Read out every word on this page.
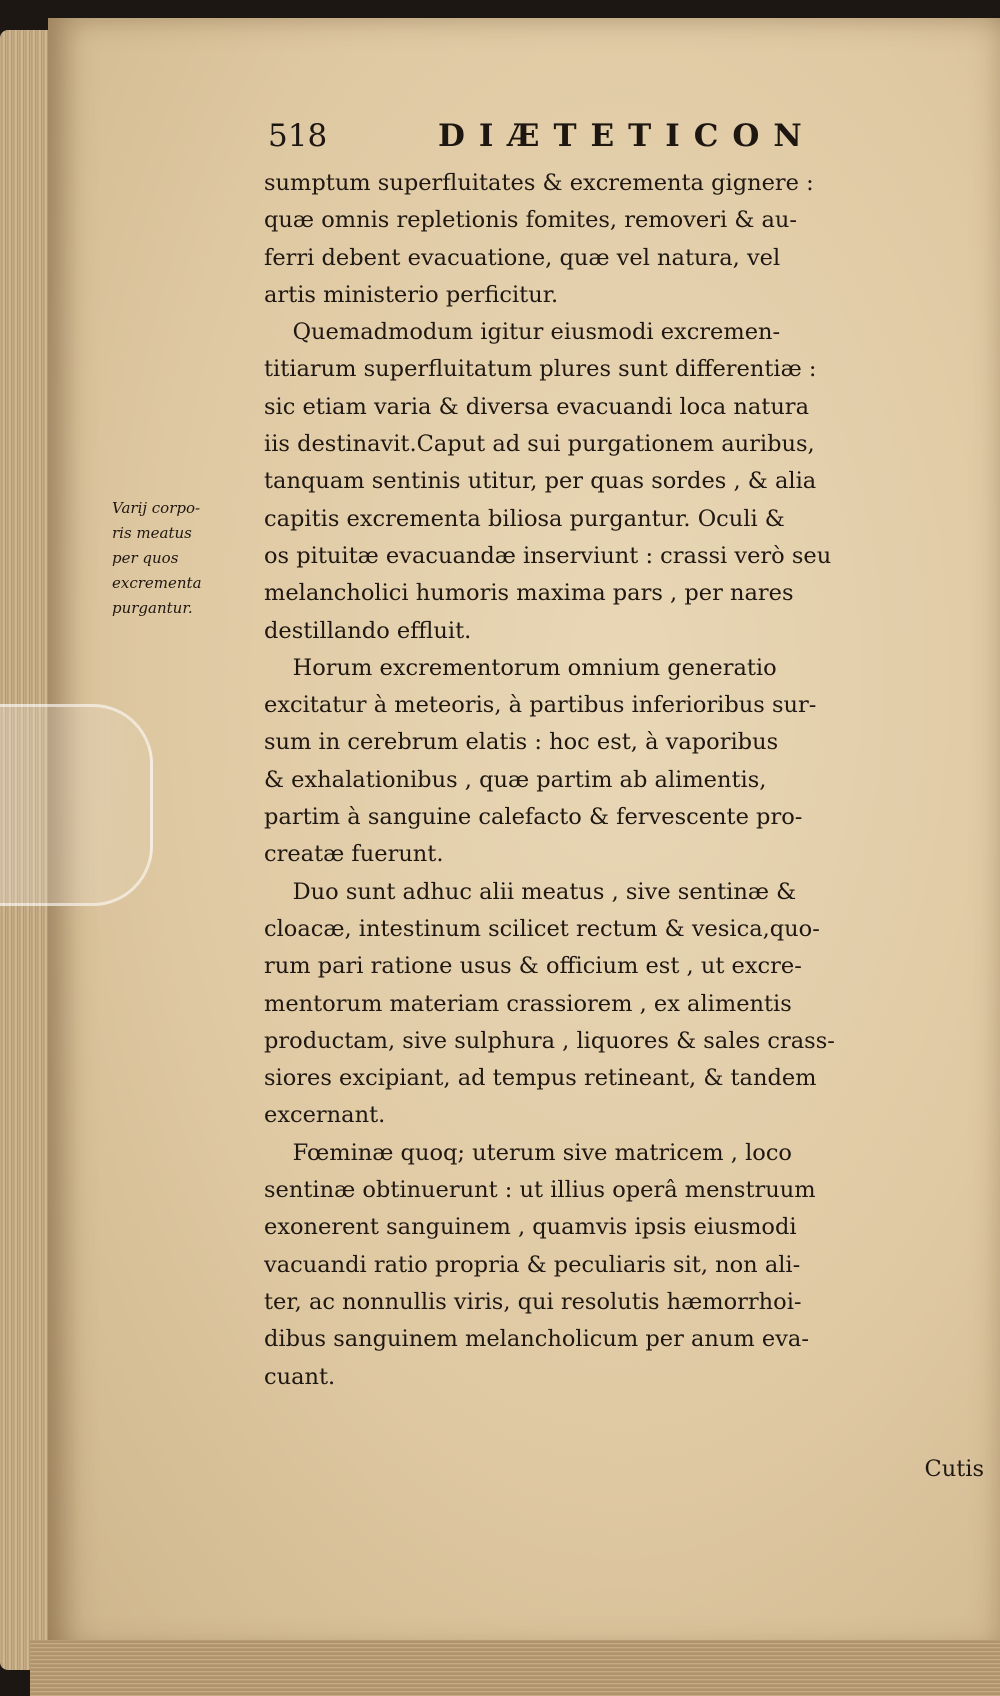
518	DIÆTETICON
Varij corpo-
ris meatus
per quos
excrementa
purgantur.
sumptum superfluitates & excrementa gignere :
quæ omnis repletionis fomites, removeri & au-
ferri debent evacuatione, quæ vel natura, vel
artis ministerio perficitur.
Quemadmodum igitur eiusmodi excremen-
titiarum superfluitatum plures sunt differentiæ :
sic etiam varia & diversa evacuandi loca natura
iis destinavit.Caput ad sui purgationem auribus,
tanquam sentinis utitur, per quas sordes , & alia
capitis excrementa biliosa purgantur. Oculi &
os pituitæ evacuandæ inserviunt : crassi verò seu
melancholici humoris maxima pars , per nares
destillando effluit.
Horum excrementorum omnium generatio
excitatur à meteoris, à partibus inferioribus sur-
sum in cerebrum elatis : hoc est, à vaporibus
& exhalationibus , quæ partim ab alimentis,
partim à sanguine calefacto & fervescente pro-
creatæ fuerunt.
Duo sunt adhuc alii meatus , sive sentinæ &
cloacæ, intestinum scilicet rectum & vesica,quo-
rum pari ratione usus & officium est , ut excre-
mentorum materiam crassiorem , ex alimentis
productam, sive sulphura , liquores & sales crass-
siores excipiant, ad tempus retineant, & tandem
excernant.
Fœminæ quoq; uterum sive matricem , loco
sentinæ obtinuerunt : ut illius operâ menstruum
exonerent sanguinem , quamvis ipsis eiusmodi
vacuandi ratio propria & peculiaris sit, non ali-
ter, ac nonnullis viris, qui resolutis hæmorrhoi-
dibus sanguinem melancholicum per anum eva-
cuant.
Cutis
